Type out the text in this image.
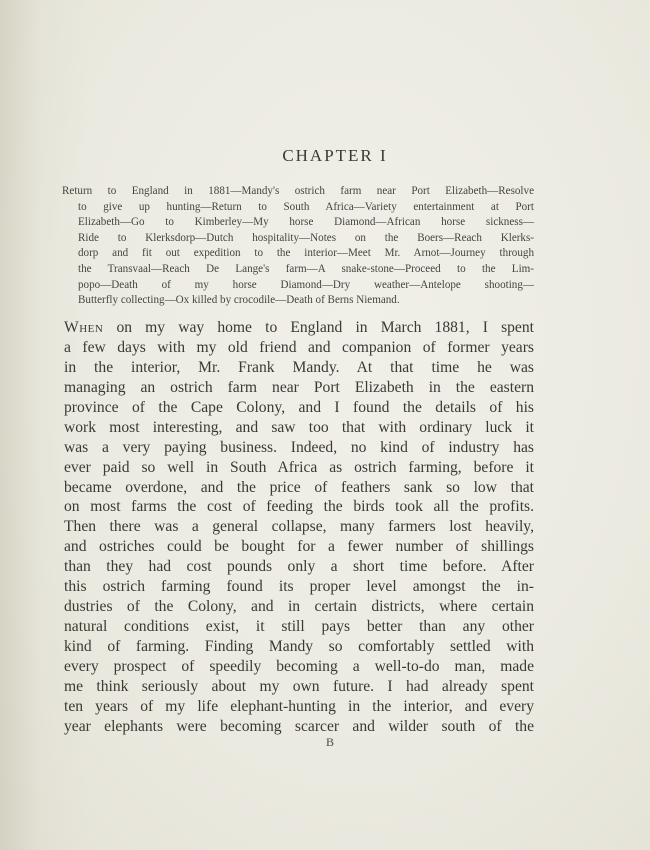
CHAPTER I
Return to England in 1881—Mandy's ostrich farm near Port Elizabeth—Resolve
to give up hunting—Return to South Africa—Variety entertainment at Port
Elizabeth—Go to Kimberley—My horse Diamond—African horse sickness—
Ride to Klerksdorp—Dutch hospitality—Notes on the Boers—Reach Klerks-
dorp and fit out expedition to the interior—Meet Mr. Arnot—Journey through
the Transvaal—Reach De Lange's farm—A snake-stone—Proceed to the Lim-
popo—Death of my horse Diamond—Dry weather—Antelope shooting—
Butterfly collecting—Ox killed by crocodile—Death of Berns Niemand.
When on my way home to England in March 1881, I spent
a few days with my old friend and companion of former years
in the interior, Mr. Frank Mandy. At that time he was
managing an ostrich farm near Port Elizabeth in the eastern
province of the Cape Colony, and I found the details of his
work most interesting, and saw too that with ordinary luck it
was a very paying business. Indeed, no kind of industry has
ever paid so well in South Africa as ostrich farming, before it
became overdone, and the price of feathers sank so low that
on most farms the cost of feeding the birds took all the profits.
Then there was a general collapse, many farmers lost heavily,
and ostriches could be bought for a fewer number of shillings
than they had cost pounds only a short time before. After
this ostrich farming found its proper level amongst the in-
dustries of the Colony, and in certain districts, where certain
natural conditions exist, it still pays better than any other
kind of farming. Finding Mandy so comfortably settled with
every prospect of speedily becoming a well-to-do man, made
me think seriously about my own future. I had already spent
ten years of my life elephant-hunting in the interior, and every
year elephants were becoming scarcer and wilder south of the
B
